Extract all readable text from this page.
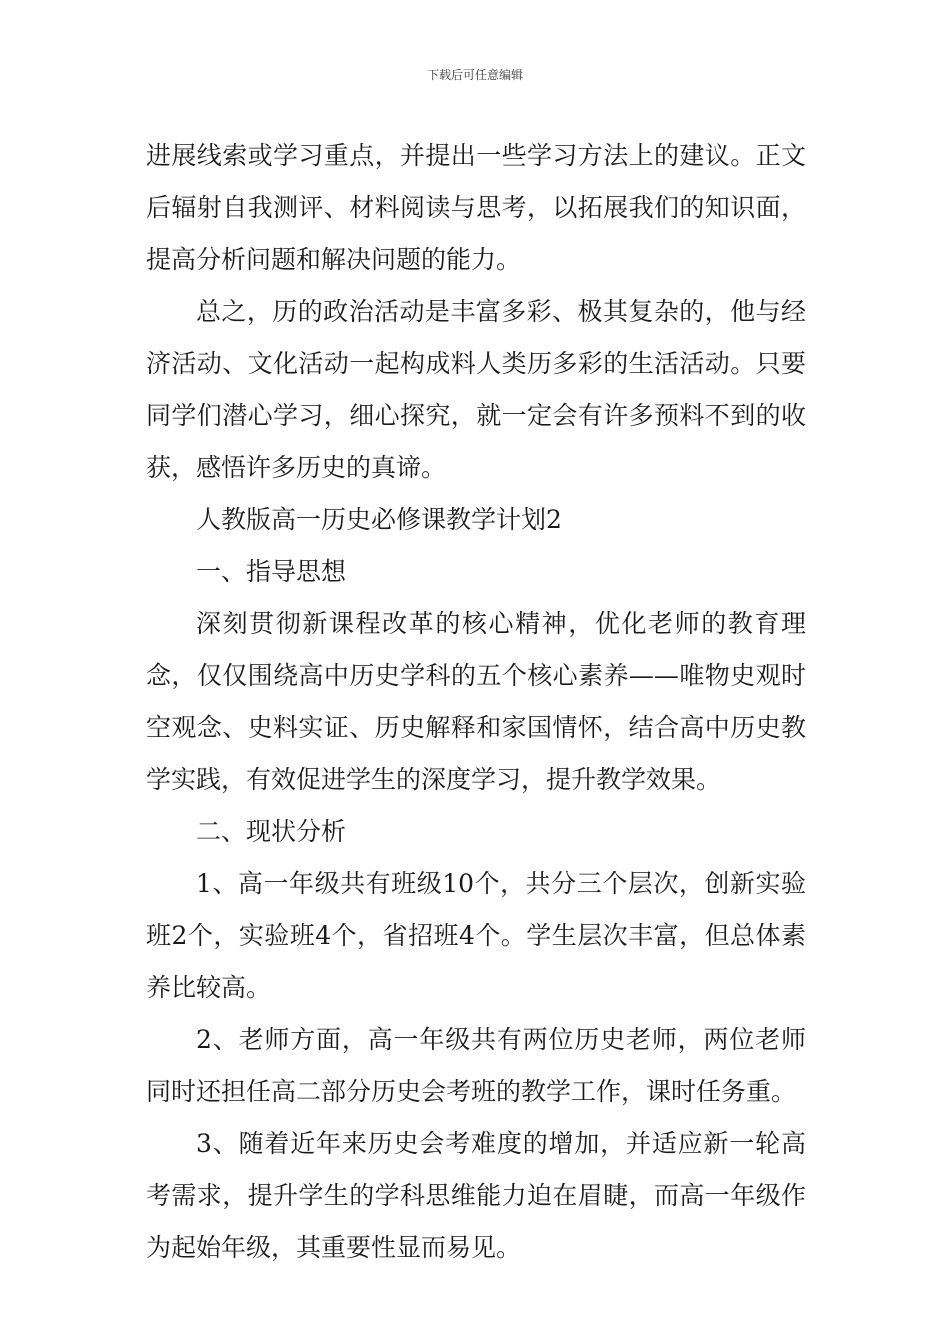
下载后可任意编辑

进展线索或学习重点，并提出一些学习方法上的建议。正文后辐射自我测评、材料阅读与思考，以拓展我们的知识面，提高分析问题和解决问题的能力。

总之，历的政治活动是丰富多彩、极其复杂的，他与经济活动、文化活动一起构成料人类历多彩的生活活动。只要同学们潜心学习，细心探究，就一定会有许多预料不到的收获，感悟许多历史的真谛。

人教版高一历史必修课教学计划2

一、指导思想

深刻贯彻新课程改革的核心精神，优化老师的教育理念，仅仅围绕高中历史学科的五个核心素养——唯物史观时空观念、史料实证、历史解释和家国情怀，结合高中历史教学实践，有效促进学生的深度学习，提升教学效果。

二、现状分析

1、高一年级共有班级10个，共分三个层次，创新实验班2个，实验班4个，省招班4个。学生层次丰富，但总体素养比较高。

2、老师方面，高一年级共有两位历史老师，两位老师同时还担任高二部分历史会考班的教学工作，课时任务重。

3、随着近年来历史会考难度的增加，并适应新一轮高考需求，提升学生的学科思维能力迫在眉睫，而高一年级作为起始年级，其重要性显而易见。
